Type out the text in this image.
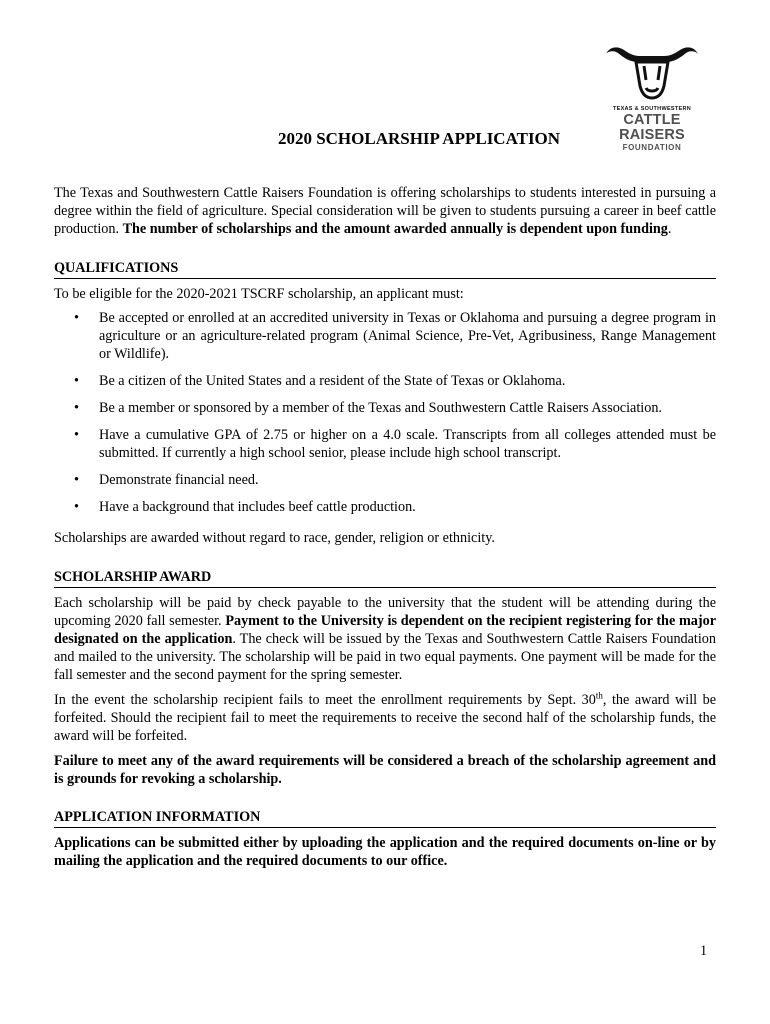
TEXAS & SOUTHWESTERN
CATTLE RAISERS
FOUNDATION
2020 SCHOLARSHIP APPLICATION

The Texas and Southwestern Cattle Raisers Foundation is offering scholarships to students interested in pursuing a degree within the field of agriculture. Special consideration will be given to students pursuing a career in beef cattle production. The number of scholarships and the amount awarded annually is dependent upon funding.

QUALIFICATIONS

To be eligible for the 2020-2021 TSCRF scholarship, an applicant must:

• Be accepted or enrolled at an accredited university in Texas or Oklahoma and pursuing a degree program in agriculture or an agriculture-related program (Animal Science, Pre-Vet, Agribusiness, Range Management or Wildlife).
• Be a citizen of the United States and a resident of the State of Texas or Oklahoma.
• Be a member or sponsored by a member of the Texas and Southwestern Cattle Raisers Association.
• Have a cumulative GPA of 2.75 or higher on a 4.0 scale. Transcripts from all colleges attended must be submitted. If currently a high school senior, please include high school transcript.
• Demonstrate financial need.
• Have a background that includes beef cattle production.

Scholarships are awarded without regard to race, gender, religion or ethnicity.

SCHOLARSHIP AWARD

Each scholarship will be paid by check payable to the university that the student will be attending during the upcoming 2020 fall semester. Payment to the University is dependent on the recipient registering for the major designated on the application. The check will be issued by the Texas and Southwestern Cattle Raisers Foundation and mailed to the university. The scholarship will be paid in two equal payments. One payment will be made for the fall semester and the second payment for the spring semester.

In the event the scholarship recipient fails to meet the enrollment requirements by Sept. 30th, the award will be forfeited. Should the recipient fail to meet the requirements to receive the second half of the scholarship funds, the award will be forfeited.

Failure to meet any of the award requirements will be considered a breach of the scholarship agreement and is grounds for revoking a scholarship.

APPLICATION INFORMATION

Applications can be submitted either by uploading the application and the required documents on-line or by mailing the application and the required documents to our office.

1
